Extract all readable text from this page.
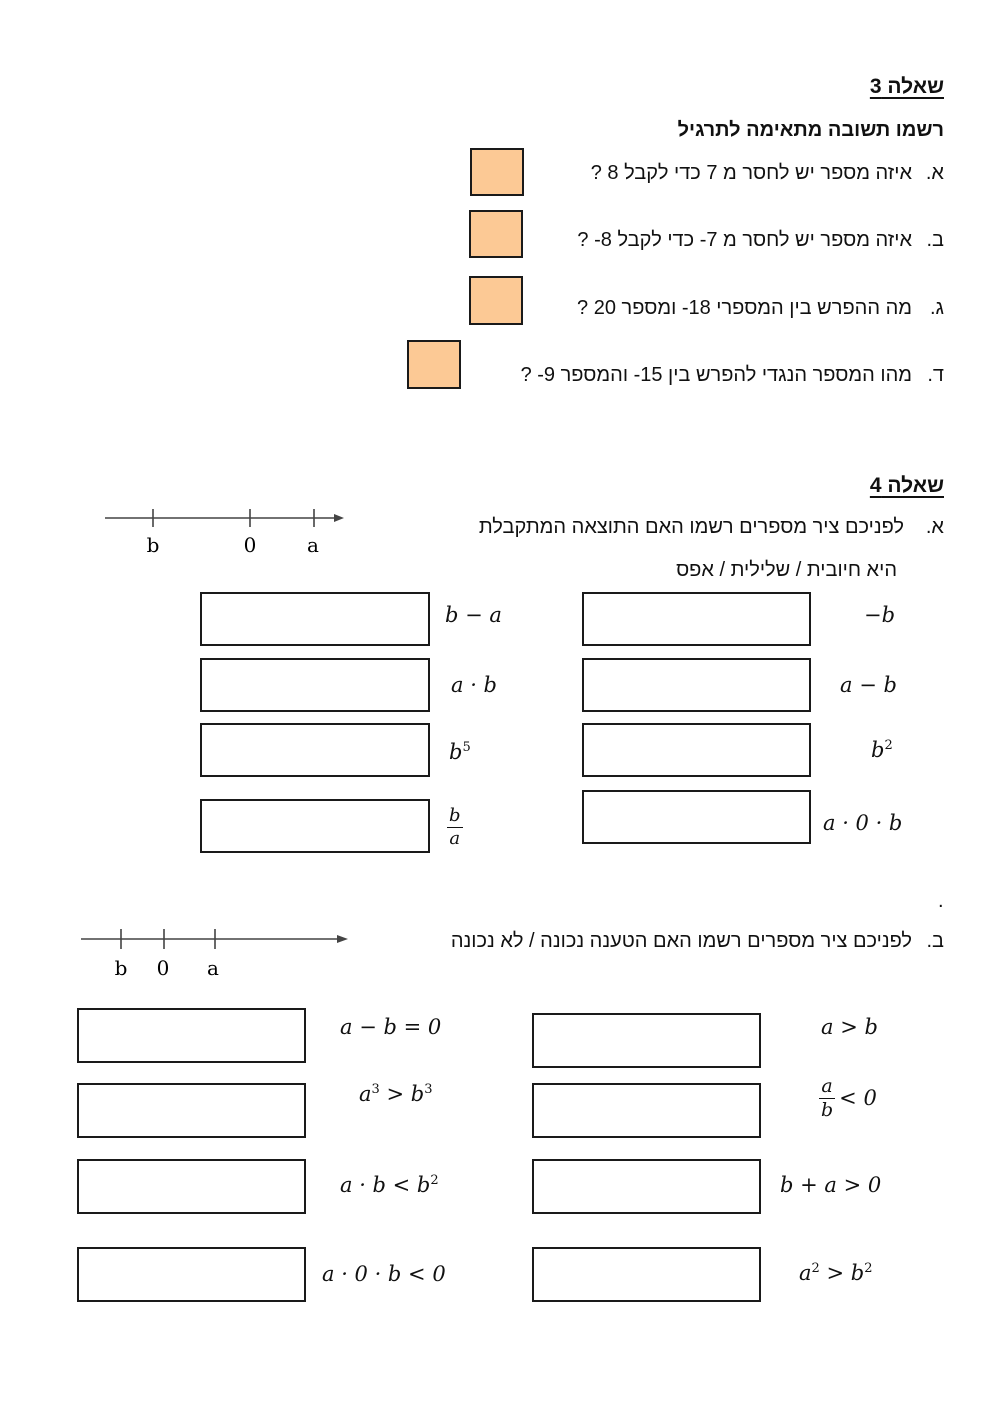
שאלה 3
רשמו תשובה מתאימה לתרגיל
א.
איזה מספר יש לחסר מ 7 כדי לקבל 8 ?
ב.
איזה מספר יש לחסר מ 7- כדי לקבל 8- ?
ג.
מה ההפרש בין המספרי 18- ומספר 20 ?
ד.
מהו המספר הנגדי להפרש בין 15- והמספר 9- ?
שאלה 4
א.
לפניכם ציר מספרים רשמו האם התוצאה המתקבלת
היא חיובית / שלילית / אפס
b	0	a
b − a
a · b
$b^5$
$\frac{b}{a}$
−b
a − b
$b^2$
a · 0 · b
.
ב.
לפניכם ציר מספרים רשמו האם הטענה נכונה / לא נכונה
b 0 a
a − b = 0
$a^3 > b^3$
$a \cdot b < b^2$
a · 0 · b < 0
a > b
$\frac{a}{b} < 0$
b + a > 0
$a^2 > b^2$
